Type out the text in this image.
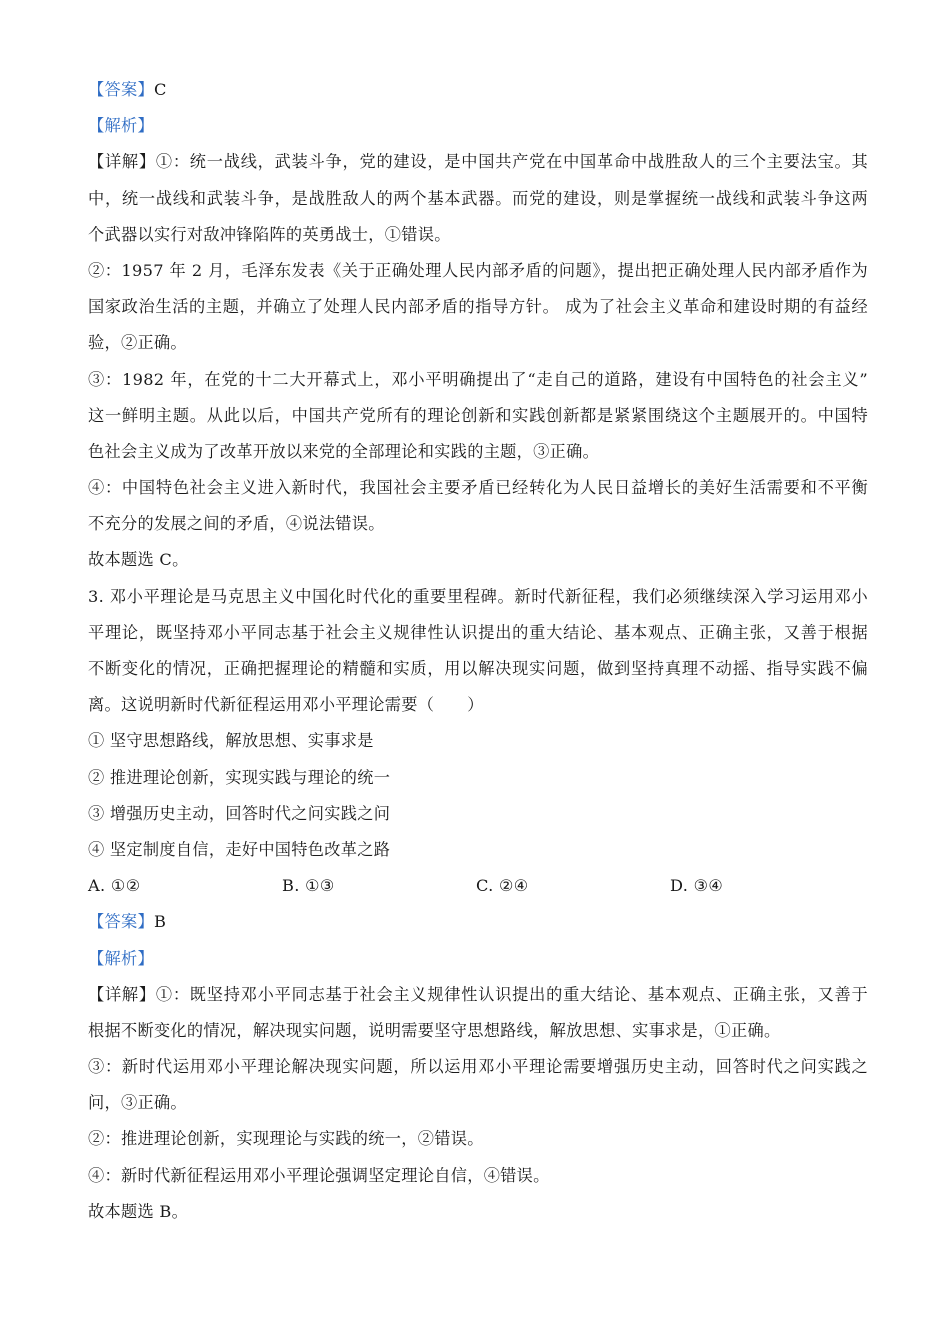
【答案】C
【解析】
【详解】①：统一战线，武装斗争，党的建设，是中国共产党在中国革命中战胜敌人的三个主要法宝。其
中，统一战线和武装斗争，是战胜敌人的两个基本武器。而党的建设，则是掌握统一战线和武装斗争这两
个武器以实行对敌冲锋陷阵的英勇战士，①错误。
②：1957 年 2 月，毛泽东发表《关于正确处理人民内部矛盾的问题》，提出把正确处理人民内部矛盾作为
国家政治生活的主题，并确立了处理人民内部矛盾的指导方针。 成为了社会主义革命和建设时期的有益经
验，②正确。
③：1982 年，在党的十二大开幕式上，邓小平明确提出了“走自己的道路，建设有中国特色的社会主义”
这一鲜明主题。从此以后，中国共产党所有的理论创新和实践创新都是紧紧围绕这个主题展开的。中国特
色社会主义成为了改革开放以来党的全部理论和实践的主题，③正确。
④：中国特色社会主义进入新时代，我国社会主要矛盾已经转化为人民日益增长的美好生活需要和不平衡
不充分的发展之间的矛盾，④说法错误。
故本题选 C。
3. 邓小平理论是马克思主义中国化时代化的重要里程碑。新时代新征程，我们必须继续深入学习运用邓小
平理论，既坚持邓小平同志基于社会主义规律性认识提出的重大结论、基本观点、正确主张，又善于根据
不断变化的情况，正确把握理论的精髓和实质，用以解决现实问题，做到坚持真理不动摇、指导实践不偏
离。这说明新时代新征程运用邓小平理论需要（　　）
① 坚守思想路线，解放思想、实事求是
② 推进理论创新，实现实践与理论的统一
③ 增强历史主动，回答时代之问实践之问
④ 坚定制度自信，走好中国特色改革之路
A. ①②	B. ①③	C. ②④	D. ③④
【答案】B
【解析】
【详解】①：既坚持邓小平同志基于社会主义规律性认识提出的重大结论、基本观点、正确主张，又善于
根据不断变化的情况，解决现实问题，说明需要坚守思想路线，解放思想、实事求是，①正确。
③：新时代运用邓小平理论解决现实问题，所以运用邓小平理论需要增强历史主动，回答时代之问实践之
问，③正确。
②：推进理论创新，实现理论与实践的统一，②错误。
④：新时代新征程运用邓小平理论强调坚定理论自信，④错误。
故本题选 B。
